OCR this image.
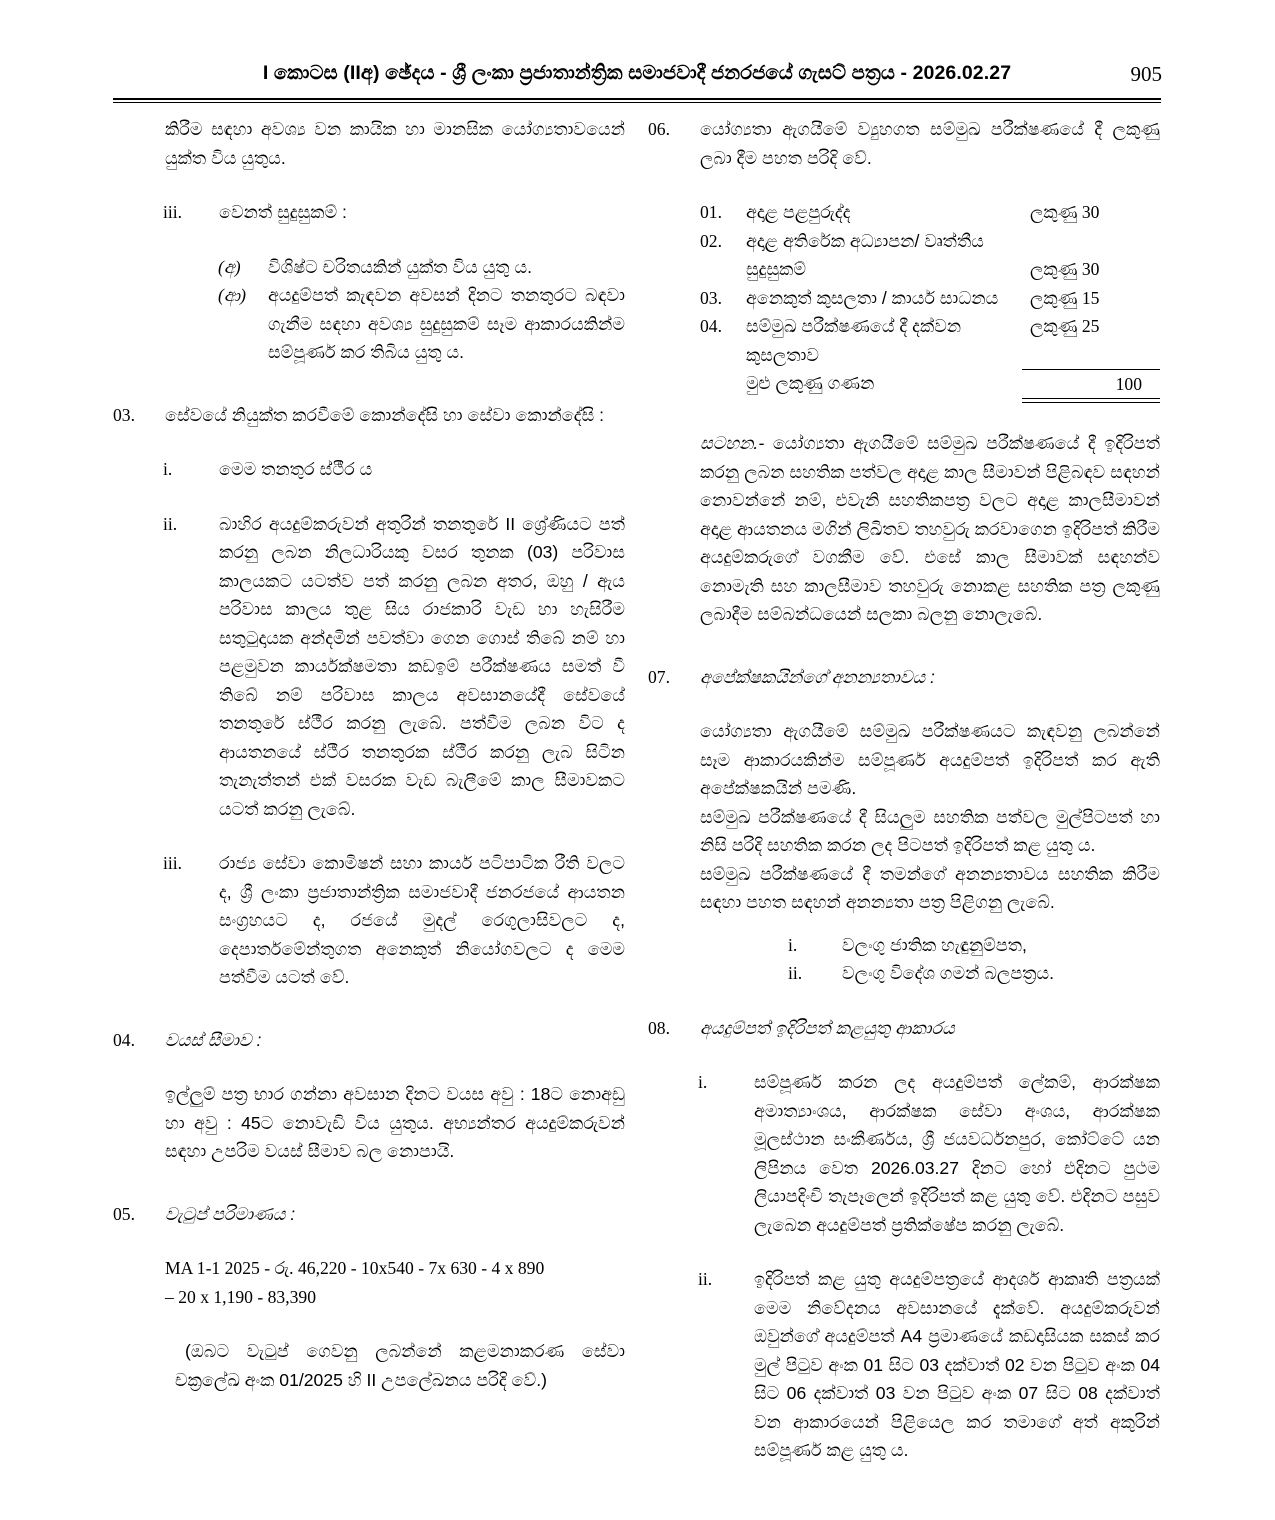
I කොටස (IIඅ) ඡේදය - ශ්‍රී ලංකා ප්‍රජාතාන්ත්‍රික සමාජවාදී ජනරජයේ ගැසට් පත්‍රය - 2026.02.27	905
කිරීම සඳහා අවශ්‍ය වන කායික හා මානසික යෝග්‍යතාවයෙන් යුක්ත විය යුතුය.
iii.	වෙනත් සුදුසුකම් :
(අ)	විශිෂ්ට චරිතයකින් යුක්ත විය යුතු ය.
(ආ)	අයදුම්පත් කැඳවන අවසන් දිනට තනතුරට බඳවා ගැනීම සඳහා අවශ්‍ය සුදුසුකම් සෑම ආකාරයකින්ම සම්පූර්ණ කර තිබිය යුතු ය.
03.	සේවයේ නියුක්ත කරවීමේ කොන්දේසි හා සේවා කොන්දේසි :
i.	මෙම තනතුර ස්ථීර ය
ii.	බාහිර අයදුම්කරුවන් අතුරින් තනතුරේ II ශ්‍රේණියට පත් කරනු ලබන නිලධාරියකු වසර තුනක (03) පරිවාස කාලයකට යටත්ව පත් කරනු ලබන අතර, ඔහු / ඇය පරිවාස කාලය තුළ සිය රාජකාරි වැඩ හා හැසිරීම සතුටුදායක අන්දමින් පවත්වා ගෙන ගොස් තිබේ නම් හා පළමුවන කාර්යක්ෂමතා කඩඉම් පරීක්ෂණය සමත් වී තිබේ නම් පරිවාස කාලය අවසානයේදී සේවයේ තනතුරේ ස්ථීර කරනු ලැබේ. පත්වීම ලබන විට ද ආයතනයේ ස්ථීර තනතුරක ස්ථීර කරනු ලැබ සිටින තැනැත්තන් එක් වසරක වැඩ බැලීමේ කාල සීමාවකට යටත් කරනු ලැබේ.
iii.	රාජ්‍ය සේවා කොමිෂන් සහා කාර්ය පටිපාටික රීති වලට ද, ශ්‍රී ලංකා ප්‍රජාතාන්ත්‍රික සමාජවාදී ජනරජයේ ආයතන සංග්‍රහයට ද, රජයේ මුදල් රෙගුලාසිවලට ද, දෙපාර්තමේන්තුගත අනෙකුත් නියෝගවලට ද මෙම පත්වීම යටත් වේ.
04.	වයස් සීමාව :
ඉල්ලුම් පත්‍ර භාර ගන්නා අවසාන දිනට වයස අවු : 18ට නොඅඩු හා අවු : 45ට නොවැඩි විය යුතුය. අභ්‍යන්තර අයදුම්කරුවන් සඳහා උපරිම වයස් සීමාව බල නොපායි.
05.	වැටුප් පරිමාණය :
MA 1-1 2025 - රු. 46,220 - 10x540 - 7x 630 - 4 x 890
– 20 x 1,190 - 83,390
(ඔබට වැටුප් ගෙවනු ලබන්නේ කළමනාකරණ සේවා චක්‍රලේඛ අංක 01/2025 හි II උපලේඛනය පරිදි වේ.)
06.	යෝග්‍යතා ඇගයීමේ ව්‍යුහගත සම්මුඛ පරීක්ෂණයේ දී ලකුණු ලබා දීම පහත පරිදි වේ.
01.	අදාළ පළපුරුද්ද	ලකුණු 30
02.	අදාළ අතිරේක අධ්‍යාපන/ වෘත්තීය සුදුසුකම්	ලකුණු 30
03.	අනෙකුත් කුසලතා / කාර්ය සාධනය	ලකුණු 15
04.	සම්මුඛ පරීක්ෂණයේ දී දක්වන කුසලතාව	ලකුණු 25
	මුළු ලකුණු ගණන	100

සටහන.- යෝග්‍යතා ඇගයීමේ සම්මුඛ පරීක්ෂණයේ දී ඉදිරිපත් කරනු ලබන සහතික පත්වල අදාළ කාල සීමාවන් පිළිබඳව සඳහන් නොවන්නේ නම්, එවැනි සහතිකපත්‍ර වලට අදාළ කාලසීමාවන් අදාළ ආයතනය මගින් ලිඛිතව තහවුරු කරවාගෙන ඉදිරිපත් කිරීම අයදුම්කරුගේ වගකීම වේ. එසේ කාල සීමාවක් සඳහන්ව නොමැති සහ කාලසීමාව තහවුරු නොකළ සහතික පත්‍ර ලකුණු ලබාදීම සම්බන්ධයෙන් සලකා බලනු නොලැබේ.
07.	අපේක්ෂකයින්ගේ අනන්‍යතාවය :
යෝග්‍යතා ඇගයීමේ සම්මුඛ පරීක්ෂණයට කැඳවනු ලබන්නේ සෑම ආකාරයකින්ම සම්පූර්ණ අයදුම්පත් ඉදිරිපත් කර ඇති අපේක්ෂකයින් පමණි.
සම්මුඛ පරීක්ෂණයේ දී සියලුම සහතික පත්වල මුල්පිටපත් හා නිසි පරිදි සහතික කරන ලද පිටපත් ඉදිරිපත් කළ යුතු ය.
සම්මුඛ පරීක්ෂණයේ දී තමන්ගේ අනන්‍යතාවය සහතික කිරීම සඳහා පහත සඳහන් අනන්‍යතා පත්‍ර පිළිගනු ලැබේ.
i.	වලංගු ජාතික හැඳුනුම්පත,
ii.	වලංගු විදේශ ගමන් බලපත්‍රය.
08.	අයදුම්පත් ඉදිරිපත් කළයුතු ආකාරය
i.	සම්පූර්ණ කරන ලද අයදුම්පත් ලේකම්, ආරක්ෂක අමාත්‍යාංශය, ආරක්ෂක සේවා අංශය, ආරක්ෂක මූලස්ථාන සංකීර්ණය, ශ්‍රී ජයවර්ධනපුර, කෝට්ටේ යන ලිපිනය වෙත 2026.03.27 දිනට හෝ එදිනට පුථම ලියාපදිංචි තැපෑලෙන් ඉදිරිපත් කළ යුතු වේ. එදිනට පසුව ලැබෙන අයදුම්පත් ප්‍රතික්ෂේප කරනු ලැබේ.
ii.	ඉදිරිපත් කළ යුතු අයදුම්පත්‍රයේ ආදර්ශ ආකෘති පත්‍රයක් මෙම නිවේදනය අවසානයේ දැක්වේ. අයදුම්කරුවන් ඔවුන්ගේ අයදුම්පත් A4 ප්‍රමාණයේ කඩදාසියක සකස් කර මුල් පිටුව අංක 01 සිට 03 දක්වාත් 02 වන පිටුව අංක 04 සිට 06 දක්වාත් 03 වන පිටුව අංක 07 සිට 08 දක්වාත් වන ආකාරයෙන් පිළියෙල කර තමාගේ අත් අකුරින් සම්පූර්ණ කළ යුතු ය.
